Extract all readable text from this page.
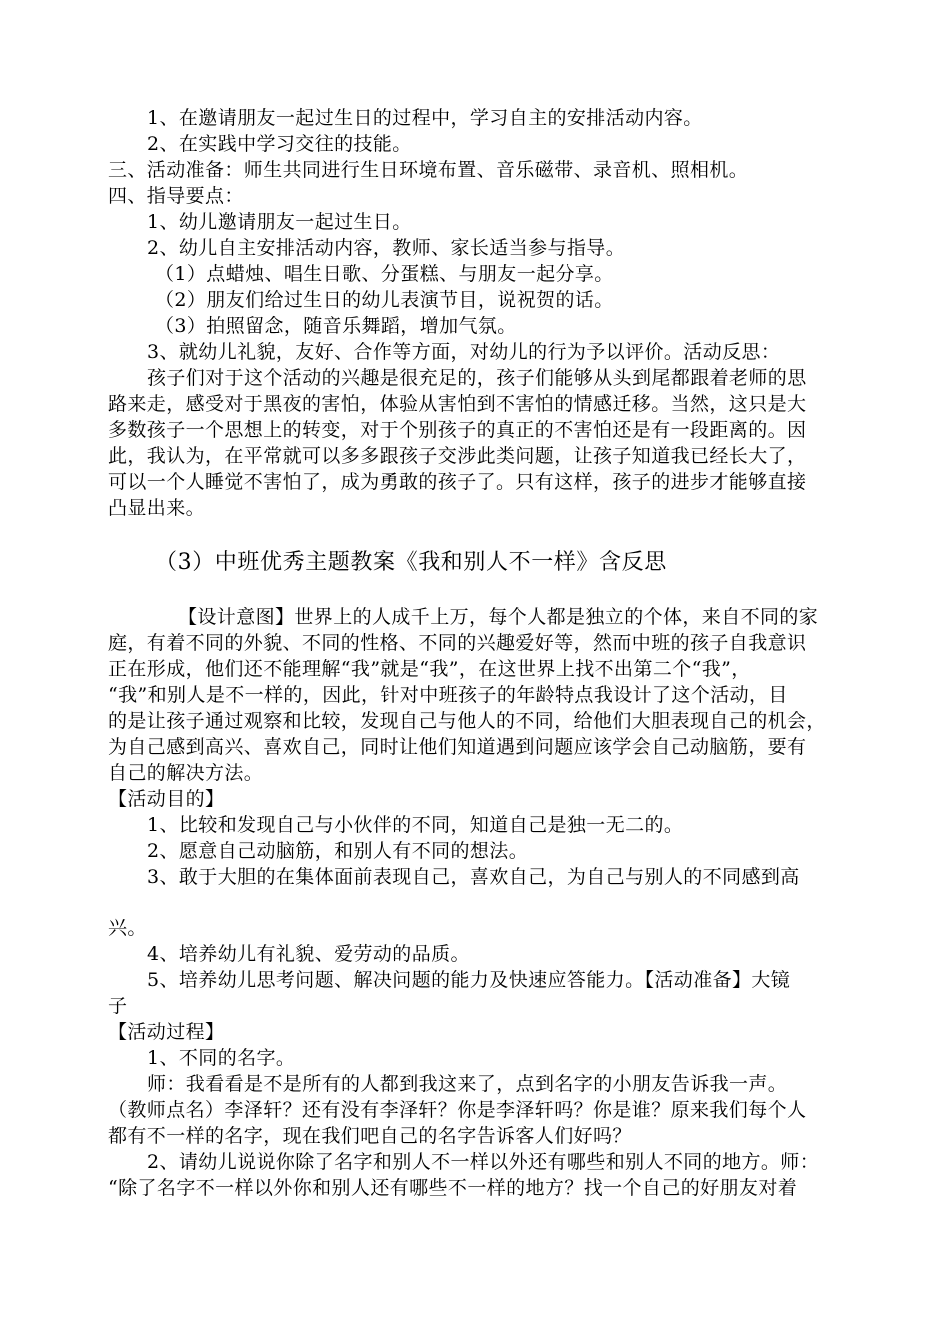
1、在邀请朋友一起过生日的过程中，学习自主的安排活动内容。
2、在实践中学习交往的技能。
三、活动准备：师生共同进行生日环境布置、音乐磁带、录音机、照相机。
四、指导要点：
1、幼儿邀请朋友一起过生日。
2、幼儿自主安排活动内容，教师、家长适当参与指导。
（1）点蜡烛、唱生日歌、分蛋糕、与朋友一起分享。
（2）朋友们给过生日的幼儿表演节目，说祝贺的话。
（3）拍照留念，随音乐舞蹈，增加气氛。
3、就幼儿礼貌，友好、合作等方面，对幼儿的行为予以评价。活动反思：
孩子们对于这个活动的兴趣是很充足的，孩子们能够从头到尾都跟着老师的思
路来走，感受对于黑夜的害怕，体验从害怕到不害怕的情感迁移。当然，这只是大
多数孩子一个思想上的转变，对于个别孩子的真正的不害怕还是有一段距离的。因
此，我认为，在平常就可以多多跟孩子交涉此类问题，让孩子知道我已经长大了，
可以一个人睡觉不害怕了，成为勇敢的孩子了。只有这样，孩子的进步才能够直接
凸显出来。
（3）中班优秀主题教案《我和别人不一样》含反思
【设计意图】世界上的人成千上万，每个人都是独立的个体，来自不同的家
庭，有着不同的外貌、不同的性格、不同的兴趣爱好等，然而中班的孩子自我意识
正在形成，他们还不能理解“我”就是“我”，在这世界上找不出第二个“我”，
“我”和别人是不一样的，因此，针对中班孩子的年龄特点我设计了这个活动，目
的是让孩子通过观察和比较，发现自己与他人的不同，给他们大胆表现自己的机会，
为自己感到高兴、喜欢自己，同时让他们知道遇到问题应该学会自己动脑筋，要有
自己的解决方法。
【活动目的】
1、比较和发现自己与小伙伴的不同，知道自己是独一无二的。
2、愿意自己动脑筋，和别人有不同的想法。
3、敢于大胆的在集体面前表现自己，喜欢自己，为自己与别人的不同感到高
兴。
4、培养幼儿有礼貌、爱劳动的品质。
5、培养幼儿思考问题、解决问题的能力及快速应答能力。【活动准备】大镜
子
【活动过程】
1、不同的名字。
师：我看看是不是所有的人都到我这来了，点到名字的小朋友告诉我一声。
（教师点名）李泽轩？还有没有李泽轩？你是李泽轩吗？你是谁？原来我们每个人
都有不一样的名字，现在我们吧自己的名字告诉客人们好吗？
2、请幼儿说说你除了名字和别人不一样以外还有哪些和别人不同的地方。师：
“除了名字不一样以外你和别人还有哪些不一样的地方？找一个自己的好朋友对着
